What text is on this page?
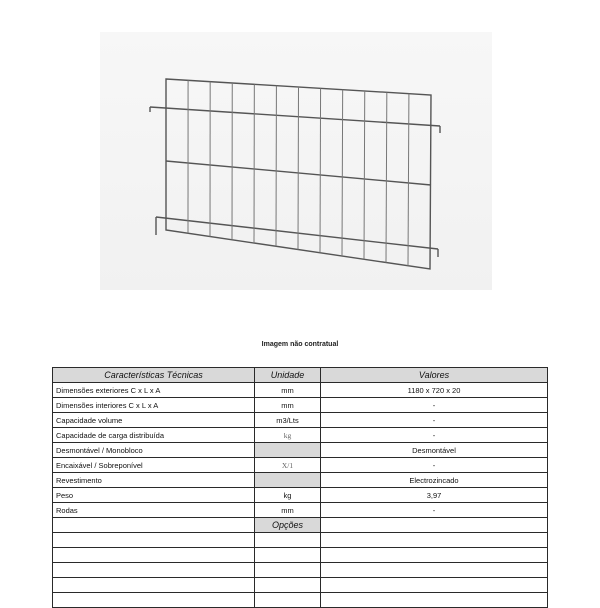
Imagem não contratual
Características Técnicas	Unidade	Valores
Dimensões exteriores C x L x A	mm	1180 x 720 x 20
Dimensões interiores C x L x A	mm	-
Capacidade volume	m3/Lts	-
Capacidade de carga distribuída	kg	-
Desmontável / Monobloco		Desmontável
Encaixável / Sobreponível	X/1	-
Revestimento		Electrozincado
Peso	kg	3,97
Rodas	mm	-
	Opções	
